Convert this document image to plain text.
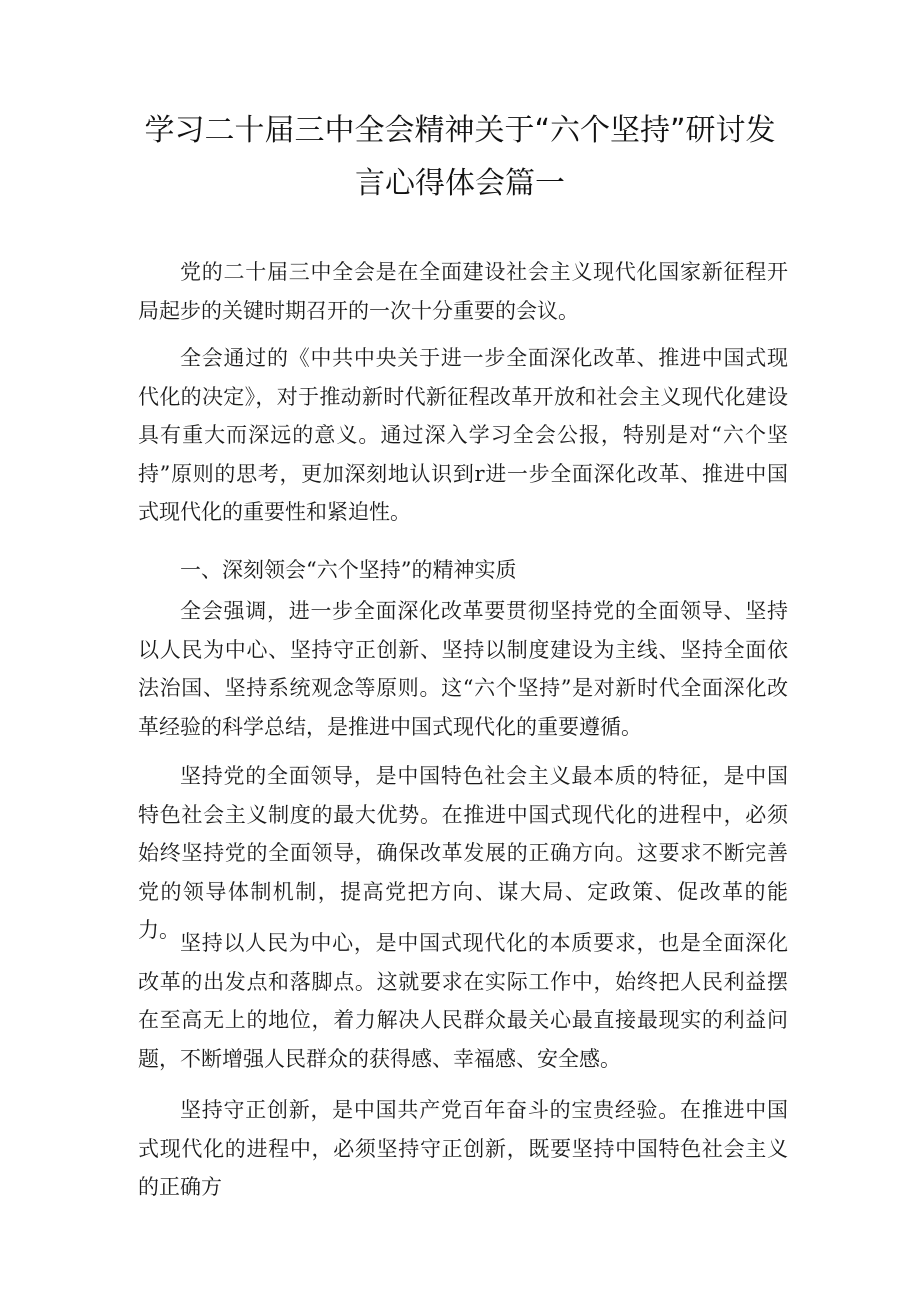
学习二十届三中全会精神关于“六个坚持”研讨发
言心得体会篇一

党的二十届三中全会是在全面建设社会主义现代化国家新征程开局起步的关键时期召开的一次十分重要的会议。

全会通过的《中共中央关于进一步全面深化改革、推进中国式现代化的决定》，对于推动新时代新征程改革开放和社会主义现代化建设具有重大而深远的意义。通过深入学习全会公报，特别是对“六个坚持”原则的思考，更加深刻地认识到r进一步全面深化改革、推进中国式现代化的重要性和紧迫性。

一、深刻领会“六个坚持”的精神实质

全会强调，进一步全面深化改革要贯彻坚持党的全面领导、坚持以人民为中心、坚持守正创新、坚持以制度建设为主线、坚持全面依法治国、坚持系统观念等原则。这“六个坚持”是对新时代全面深化改革经验的科学总结，是推进中国式现代化的重要遵循。

坚持党的全面领导，是中国特色社会主义最本质的特征，是中国特色社会主义制度的最大优势。在推进中国式现代化的进程中，必须始终坚持党的全面领导，确保改革发展的正确方向。这要求不断完善党的领导体制机制，提高党把方向、谋大局、定政策、促改革的能力。

坚持以人民为中心，是中国式现代化的本质要求，也是全面深化改革的出发点和落脚点。这就要求在实际工作中，始终把人民利益摆在至高无上的地位，着力解决人民群众最关心最直接最现实的利益问题，不断增强人民群众的获得感、幸福感、安全感。

坚持守正创新，是中国共产党百年奋斗的宝贵经验。在推进中国式现代化的进程中，必须坚持守正创新，既要坚持中国特色社会主义的正确方
